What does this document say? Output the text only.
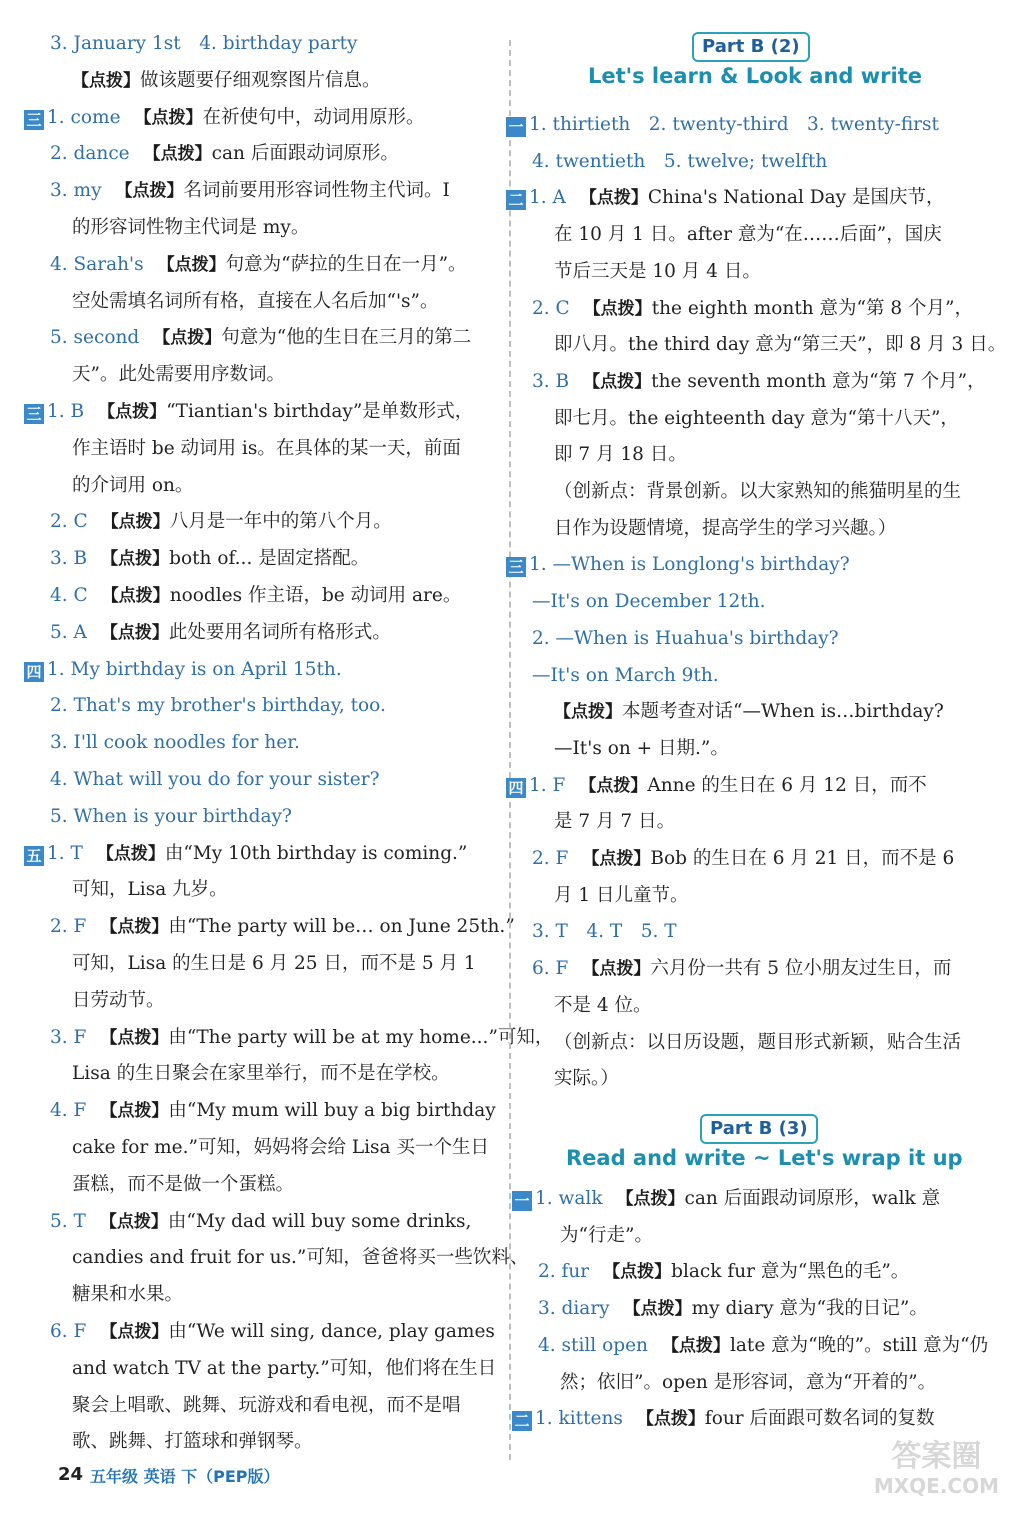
3. January 1st　4. birthday party
【点拨】做该题要仔细观察图片信息。
三 1. come 【点拨】在祈使句中，动词用原形。
2. dance 【点拨】can 后面跟动词原形。
3. my 【点拨】名词前要用形容词性物主代词。I
的形容词性物主代词是 my。
4. Sarah's 【点拨】句意为“萨拉的生日在一月”。
空处需填名词所有格，直接在人名后加“'s”。
5. second 【点拨】句意为“他的生日在三月的第二
天”。此处需要用序数词。
三 1. B 【点拨】“Tiantian's birthday”是单数形式，
作主语时 be 动词用 is。在具体的某一天，前面
的介词用 on。
2. C 【点拨】八月是一年中的第八个月。
3. B 【点拨】both of... 是固定搭配。
4. C 【点拨】noodles 作主语，be 动词用 are。
5. A 【点拨】此处要用名词所有格形式。
四 1. My birthday is on April 15th.
2. That's my brother's birthday, too.
3. I'll cook noodles for her.
4. What will you do for your sister?
5. When is your birthday?
五 1. T 【点拨】由“My 10th birthday is coming.”
可知，Lisa 九岁。
2. F 【点拨】由“The party will be… on June 25th.”
可知，Lisa 的生日是 6 月 25 日，而不是 5 月 1
日劳动节。
3. F 【点拨】由“The party will be at my home...”可知，
Lisa 的生日聚会在家里举行，而不是在学校。
4. F 【点拨】由“My mum will buy a big birthday
cake for me.”可知，妈妈将会给 Lisa 买一个生日
蛋糕，而不是做一个蛋糕。
5. T 【点拨】由“My dad will buy some drinks,
candies and fruit for us.”可知，爸爸将买一些饮料、
糖果和水果。
6. F 【点拨】由“We will sing, dance, play games
and watch TV at the party.”可知，他们将在生日
聚会上唱歌、跳舞、玩游戏和看电视，而不是唱
歌、跳舞、打篮球和弹钢琴。
Part B (2)
Let's learn & Look and write
Part B (3)
Read and write ~ Let's wrap it up
一 1. thirtieth　2. twenty-third　3. twenty-first
4. twentieth　5. twelve; twelfth
二 1. A 【点拨】China's National Day 是国庆节，
在 10 月 1 日。after 意为“在……后面”，国庆
节后三天是 10 月 4 日。
2. C 【点拨】the eighth month 意为“第 8 个月”，
即八月。the third day 意为“第三天”，即 8 月 3 日。
3. B 【点拨】the seventh month 意为“第 7 个月”，
即七月。the eighteenth day 意为“第十八天”，
即 7 月 18 日。
（创新点：背景创新。以大家熟知的熊猫明星的生
日作为设题情境，提高学生的学习兴趣。）
三 1. —When is Longlong's birthday?
—It's on December 12th.
2. —When is Huahua's birthday?
—It's on March 9th.
【点拨】本题考查对话“—When is…birthday?
—It's on + 日期.”。
四 1. F 【点拨】Anne 的生日在 6 月 12 日，而不
是 7 月 7 日。
2. F 【点拨】Bob 的生日在 6 月 21 日，而不是 6
月 1 日儿童节。
3. T　4. T　5. T
6. F 【点拨】六月份一共有 5 位小朋友过生日，而
不是 4 位。
（创新点：以日历设题，题目形式新颖，贴合生活
实际。）
一 1. walk 【点拨】can 后面跟动词原形，walk 意
为“行走”。
2. fur 【点拨】black fur 意为“黑色的毛”。
3. diary 【点拨】my diary 意为“我的日记”。
4. still open 【点拨】late 意为“晚的”。still 意为“仍
然；依旧”。open 是形容词，意为“开着的”。
二 1. kittens 【点拨】four 后面跟可数名词的复数
24 五年级 英语 下（PEP版）
答案圈
MXQE.COM
